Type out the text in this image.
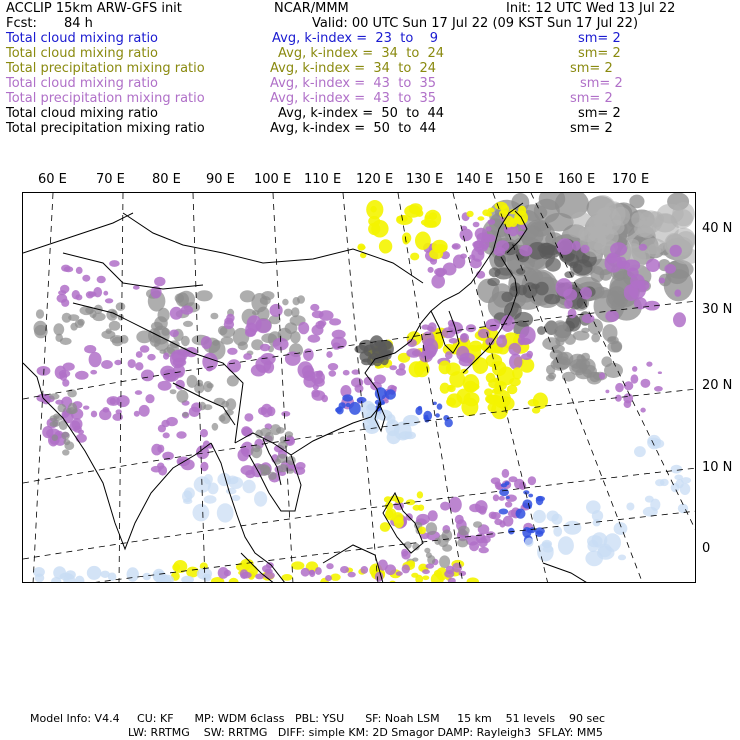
ACCLIP 15km ARW-GFS init	NCAR/MMM	Init: 12 UTC Wed 13 Jul 22
Fcst: 84 h	Valid: 00 UTC Sun 17 Jul 22 (09 KST Sun 17 Jul 22)
Total cloud mixing ratio	Avg, k-index =  23  to    9	sm= 2
Total cloud mixing ratio	Avg, k-index =  34  to  24	sm= 2
Total precipitation mixing ratio	Avg, k-index =  34  to  24	sm= 2
Total cloud mixing ratio	Avg, k-index =  43  to  35	sm= 2
Total precipitation mixing ratio	Avg, k-index =  43  to  35	sm= 2
Total cloud mixing ratio	Avg, k-index =  50  to  44	sm= 2
Total precipitation mixing ratio	Avg, k-index =  50  to  44	sm= 2
60 E 70 E 80 E 90 E 100 E 110 E 120 E 130 E 140 E 150 E 160 E 170 E
40 N
30 N
20 N
10 N
0
Model Info: V4.4     CU: KF      MP: WDM 6class   PBL: YSU      SF: Noah LSM     15 km    51 levels    90 sec
LW: RRTMG    SW: RRTMG   DIFF: simple KM: 2D Smagor DAMP: Rayleigh3  SFLAY: MM5
